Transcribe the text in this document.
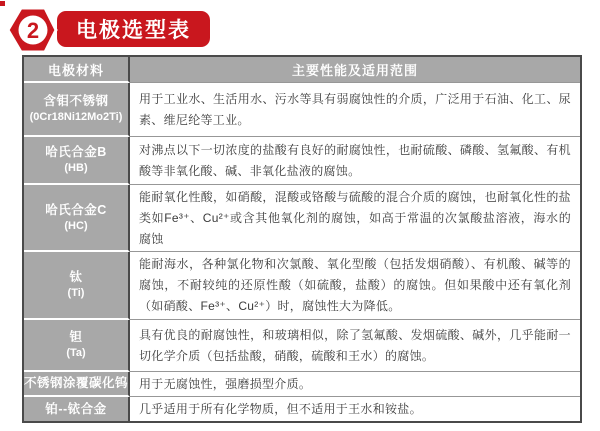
2 电极选型表
电极材料	主要性能及适用范围
含钼不锈钢
(0Cr18Ni12Mo2Ti)
用于工业水、生活用水、污水等具有弱腐蚀性的介质，广泛用于石油、化工、尿素、维尼纶等工业。
哈氏合金B
(HB)
对沸点以下一切浓度的盐酸有良好的耐腐蚀性，也耐硫酸、磷酸、氢氟酸、有机酸等非氧化酸、碱、非氧化盐液的腐蚀。
哈氏合金C
(HC)
能耐氧化性酸，如硝酸，混酸或铬酸与硫酸的混合介质的腐蚀，也耐氧化性的盐类如Fe³⁺、Cu²⁺或含其他氧化剂的腐蚀，如高于常温的次氯酸盐溶液，海水的腐蚀
钛
(Ti)
能耐海水，各种氯化物和次氯酸、氧化型酸（包括发烟硝酸）、有机酸、碱等的腐蚀，不耐较纯的还原性酸（如硫酸，盐酸）的腐蚀。但如果酸中还有氧化剂（如硝酸、Fe³⁺、Cu²⁺）时，腐蚀性大为降低。
钽
(Ta)
具有优良的耐腐蚀性，和玻璃相似，除了氢氟酸、发烟硫酸、碱外，几乎能耐一切化学介质（包括盐酸，硝酸，硫酸和王水）的腐蚀。
不锈钢涂覆碳化钨 用于无腐蚀性，强磨损型介质。
铂--铱合金	几乎适用于所有化学物质，但不适用于王水和铵盐。
